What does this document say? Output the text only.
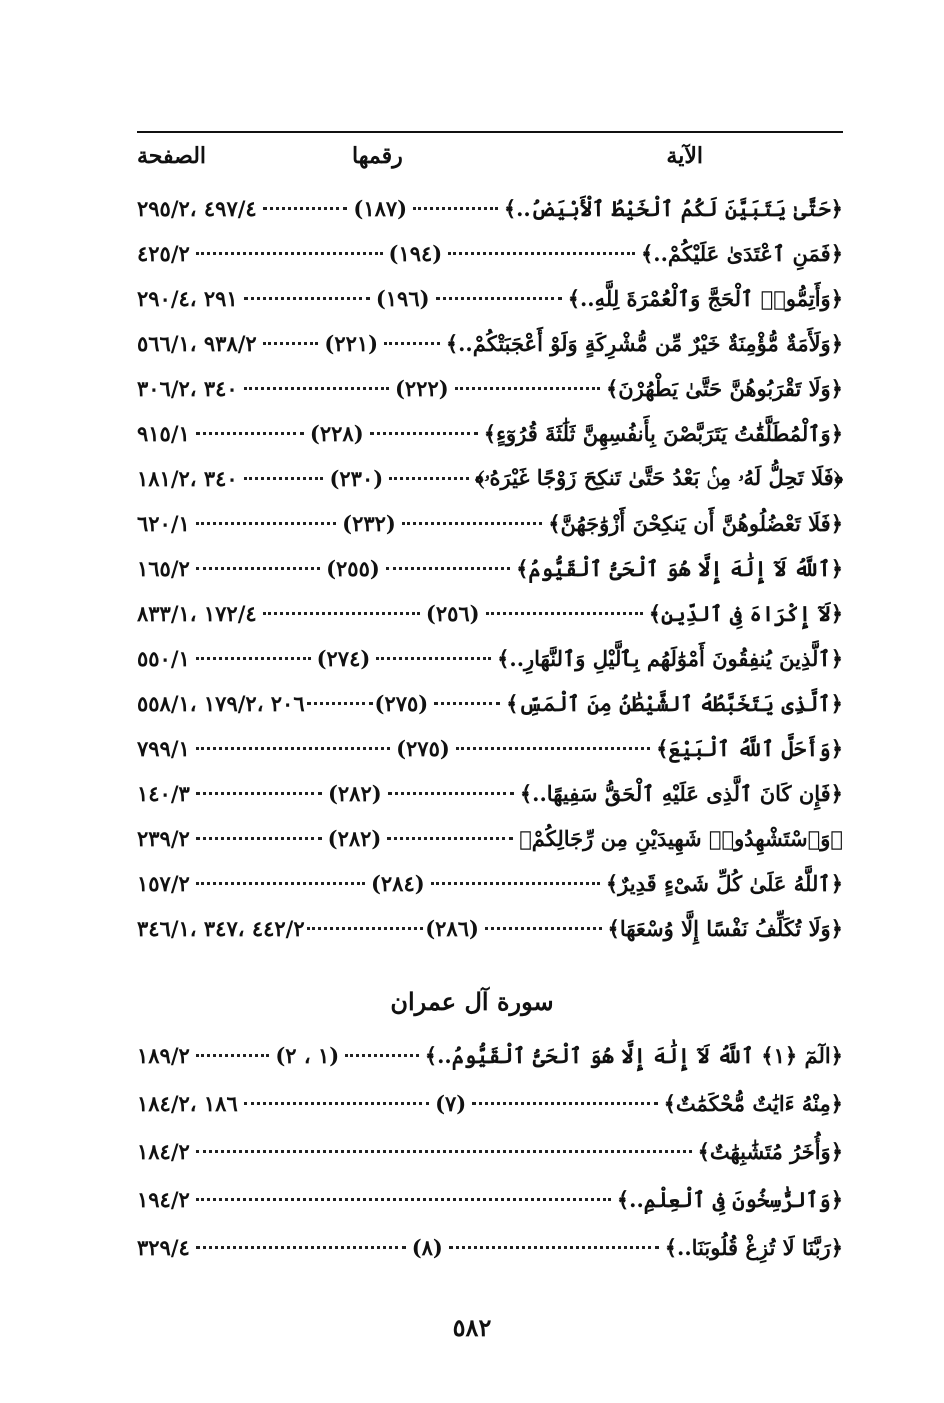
الآية
رقمها
الصفحة
﴿حَتَّىٰ يَتَبَيَّنَ لَكُمُ ٱلْخَيْطُ ٱلْأَبْيَضُ..﴾
(١٨٧)
٤٩٧/٤ ،٢٩٥/٢
﴿فَمَنِ ٱعْتَدَىٰ عَلَيْكُمْ..﴾
(١٩٤)
٤٢٥/٢
﴿وَأَتِمُّوا۟ ٱلْحَجَّ وَٱلْعُمْرَةَ لِلَّهِ..﴾
(١٩٦)
٢٩١ ،٢٩٠/٤
﴿وَلَأَمَةٌ مُّؤْمِنَةٌ خَيْرٌ مِّن مُّشْرِكَةٍ وَلَوْ أَعْجَبَتْكُمْ..﴾
(٢٢١)
٩٣٨/٢ ،٥٦٦/١
﴿وَلَا تَقْرَبُوهُنَّ حَتَّىٰ يَطْهُرْنَ﴾
(٢٢٢)
٣٤٠ ،٣٠٦/٢
﴿وَٱلْمُطَلَّقَٰتُ يَتَرَبَّصْنَ بِأَنفُسِهِنَّ ثَلَٰثَةَ قُرُوٓءٍ﴾
(٢٢٨)
٩١٥/١
﴿فَلَا تَحِلُّ لَهُۥ مِنۢ بَعْدُ حَتَّىٰ تَنكِحَ زَوْجًا غَيْرَهُۥ﴾
(٢٣٠)
٣٤٠ ،١٨١/٢
﴿فَلَا تَعْضُلُوهُنَّ أَن يَنكِحْنَ أَزْوَٰجَهُنَّ﴾
(٢٣٢)
٦٢٠/١
﴿ٱللَّهُ لَآ إِلَٰهَ إِلَّا هُوَ ٱلْحَىُّ ٱلْقَيُّومُ﴾
(٢٥٥)
١٦٥/٢
﴿لَآ إِكْرَاهَ فِى ٱلدِّينِ﴾
(٢٥٦)
١٧٢/٤ ،٨٣٣/١
﴿ٱلَّذِينَ يُنفِقُونَ أَمْوَٰلَهُم بِٱلَّيْلِ وَٱلنَّهَارِ..﴾
(٢٧٤)
٥٥٠/١
﴿ٱلَّذِى يَتَخَبَّطُهُ ٱلشَّيْطَٰنُ مِنَ ٱلْمَسِّ﴾
(٢٧٥)
٢٠٦ ،١٧٩/٢ ،٥٥٨/١
﴿وَأَحَلَّ ٱللَّهُ ٱلْبَيْعَ﴾
(٢٧٥)
٧٩٩/١
﴿فَإِن كَانَ ٱلَّذِى عَلَيْهِ ٱلْحَقُّ سَفِيهًا..﴾
(٢٨٢)
١٤٠/٣
﴿وَٱسْتَشْهِدُوا۟ شَهِيدَيْنِ مِن رِّجَالِكُمْ﴾
(٢٨٢)
٢٣٩/٢
﴿ٱللَّهُ عَلَىٰ كُلِّ شَىْءٍ قَدِيرٌ﴾
(٢٨٤)
١٥٧/٢
﴿وَلَا تُكَلِّفُ نَفْسًا إِلَّا وُسْعَهَا﴾
(٢٨٦)
٤٤٢/٢ ،٣٤٧ ،٣٤٦/١
سورة آل عمران
﴿الٓمٓ ﴿١﴾ ٱللَّهُ لَآ إِلَٰهَ إِلَّا هُوَ ٱلْحَىُّ ٱلْقَيُّومُ..﴾
(١ ، ٢)
١٨٩/٢
﴿مِنْهُ ءَايَٰتٌ مُّحْكَمَٰتٌ﴾
(٧)
١٨٦ ،١٨٤/٢
﴿وَأُخَرُ مُتَشَٰبِهَٰتٌ﴾
١٨٤/٢
﴿وَٱلرَّٰسِخُونَ فِى ٱلْعِلْمِ..﴾
١٩٤/٢
﴿رَبَّنَا لَا تُزِغْ قُلُوبَنَا..﴾
(٨)
٣٢٩/٤
٥٨٢
